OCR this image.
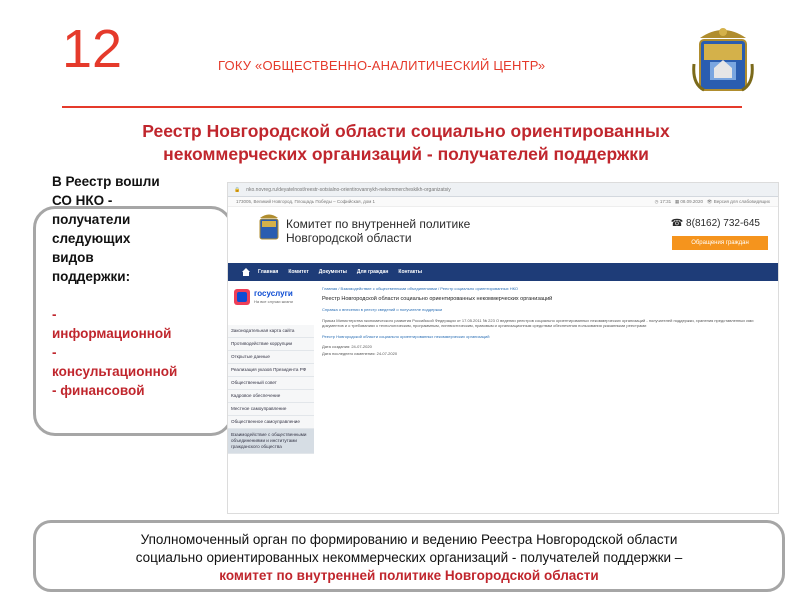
12	ГОКУ «ОБЩЕСТВЕННО-АНАЛИТИЧЕСКИЙ ЦЕНТР»
Реестр Новгородской области социально ориентированных
некоммерческих организаций - получателей поддержки
В Реестр вошли
СО НКО -
получатели
следующих
видов
поддержки:
-
информационной
-
консультационной
- финансовой
🔒 nko.novreg.ru/deyatelnost/reestr-sotsialno-orientirovannykh-nekommercheskikh-organizatsiy
173005, Великий Новгород, Площадь Победы – Софийская, дом 1	◷ 17:31 ▦ 08.09.2020 👁 Версия для слабовидящих
Комитет по внутренней политике
Новгородской области
☎ 8(8162) 732-645
Обращения граждан
Главная Комитет Документы Для граждан Контакты
госуслуги
На все случаи жизни
Законодательная карта сайта
Противодействие коррупции
Открытые данные
Реализация указов Президента РФ
Общественный совет
Кадровое обеспечение
Местное самоуправление
Общественное самоуправление
Взаимодействие с общественными объединениями и институтами гражданского общества
Главная / Взаимодействие с общественными объединениями / Реестр социально ориентированных НКО
Реестр Новгородской области социально ориентированных некоммерческих организаций
Справка о внесении в реестр сведений о получателе поддержки
Приказ Министерства экономического развития Российской Федерации от 17.05.2011 № 223 О ведении реестров социально ориентированных некоммерческих организаций - получателей поддержки, хранения представленных ими документов и о требованиях к технологическим, программным, лингвистическим, правовым и организационным средствам обеспечения пользования указанными реестрами
Реестр Новгородской области социально ориентированных некоммерческих организаций
Дата создания: 24-07-2020
Дата последнего изменения: 24-07-2020
Уполномоченный орган по формированию и ведению Реестра Новгородской области
социально ориентированных некоммерческих организаций - получателей поддержки –
комитет по внутренней политике Новгородской области
